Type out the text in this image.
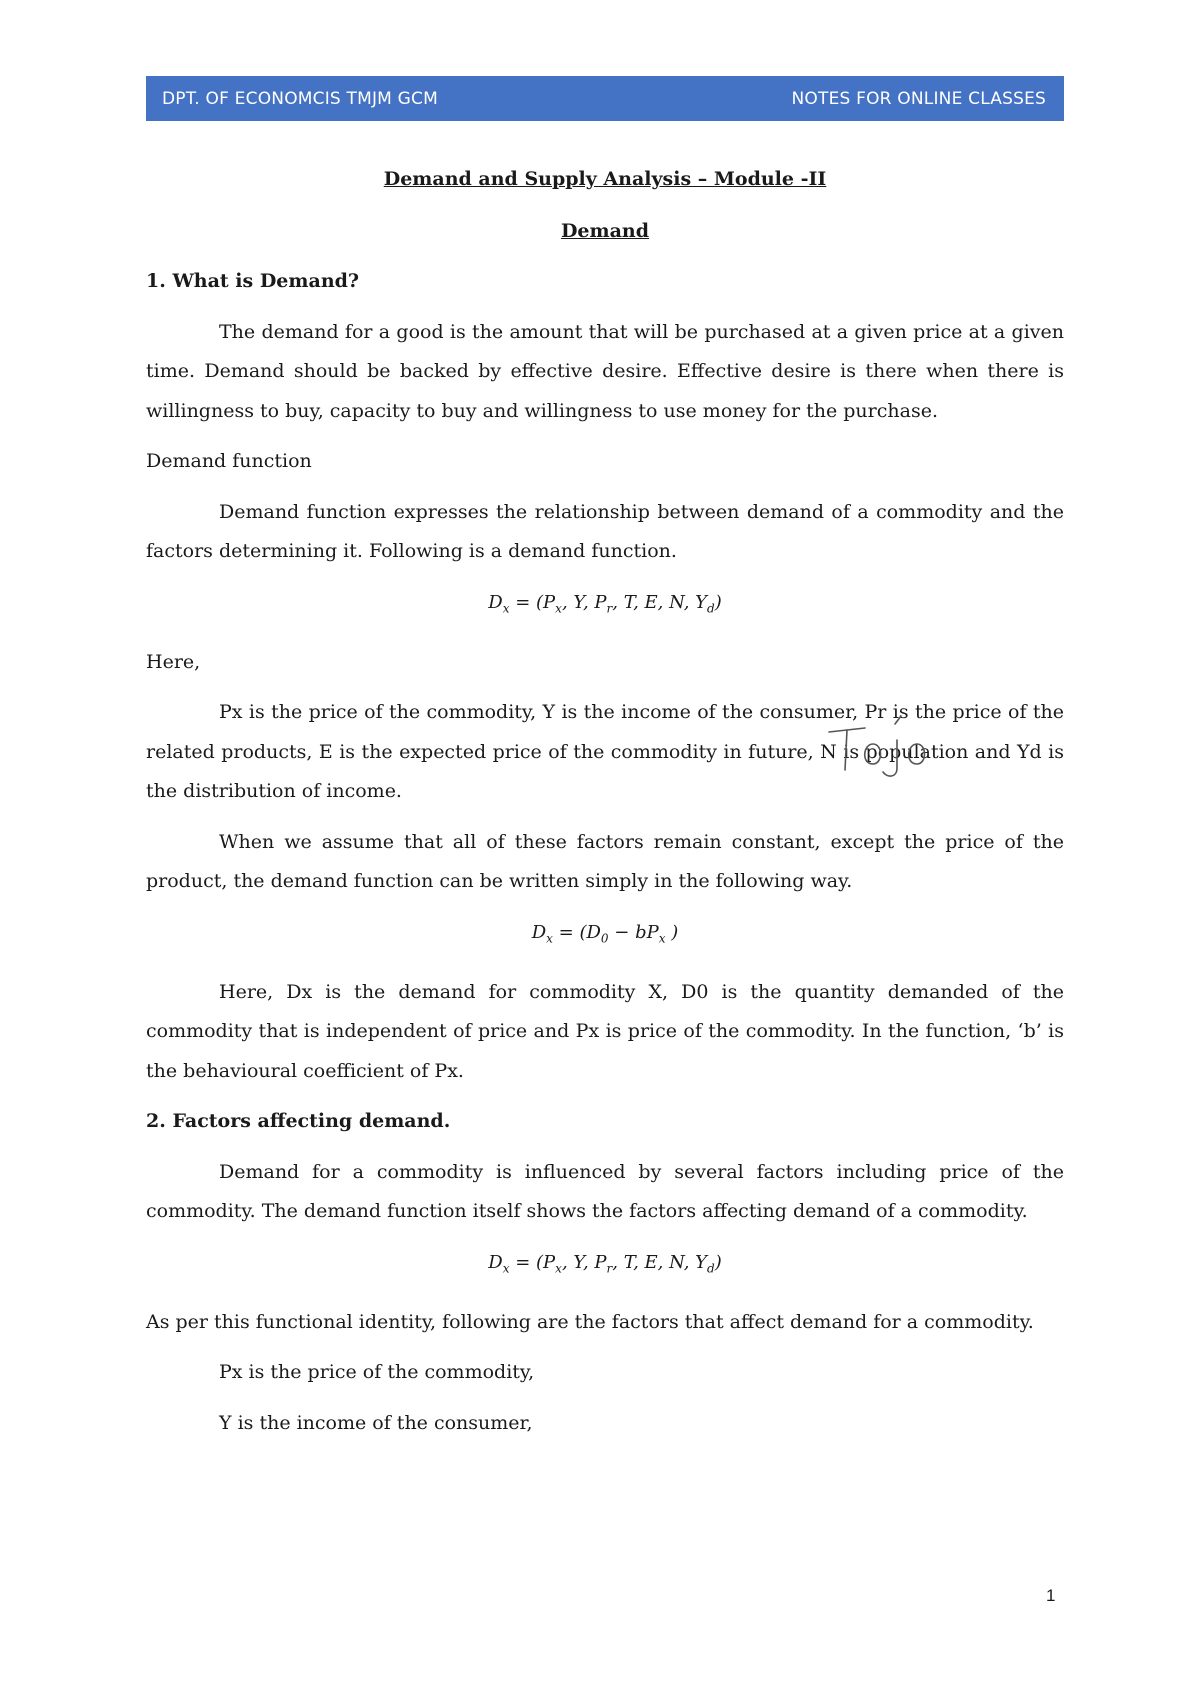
DPT. OF ECONOMCIS TMJM GCM	NOTES FOR ONLINE CLASSES

Demand and Supply Analysis – Module -II

Demand

1. What is Demand?

The demand for a good is the amount that will be purchased at a given price at a given time. Demand should be backed by effective desire. Effective desire is there when there is willingness to buy, capacity to buy and willingness to use money for the purchase.

Demand function

Demand function expresses the relationship between demand of a commodity and the factors determining it. Following is a demand function.

$D_x = (P_x$, Y, $P_r$, T, E, N, $Y_d$)

Here,

Px is the price of the commodity, Y is the income of the consumer, Pr is the price of the related products, E is the expected price of the commodity in future, N is population and Yd is the distribution of income.

When we assume that all of these factors remain constant, except the price of the product, the demand function can be written simply in the following way.

$D_x = (D_0 - bP_x$ )

Here, Dx is the demand for commodity X, D0 is the quantity demanded of the commodity that is independent of price and Px is price of the commodity. In the function, ‘b’ is the behavioural coefficient of Px.

2. Factors affecting demand.

Demand for a commodity is influenced by several factors including price of the commodity. The demand function itself shows the factors affecting demand of a commodity.

$D_x = (P_x$, Y, $P_r$, T, E, N, $Y_d$)

As per this functional identity, following are the factors that affect demand for a commodity.

Px is the price of the commodity,

Y is the income of the consumer,

1
